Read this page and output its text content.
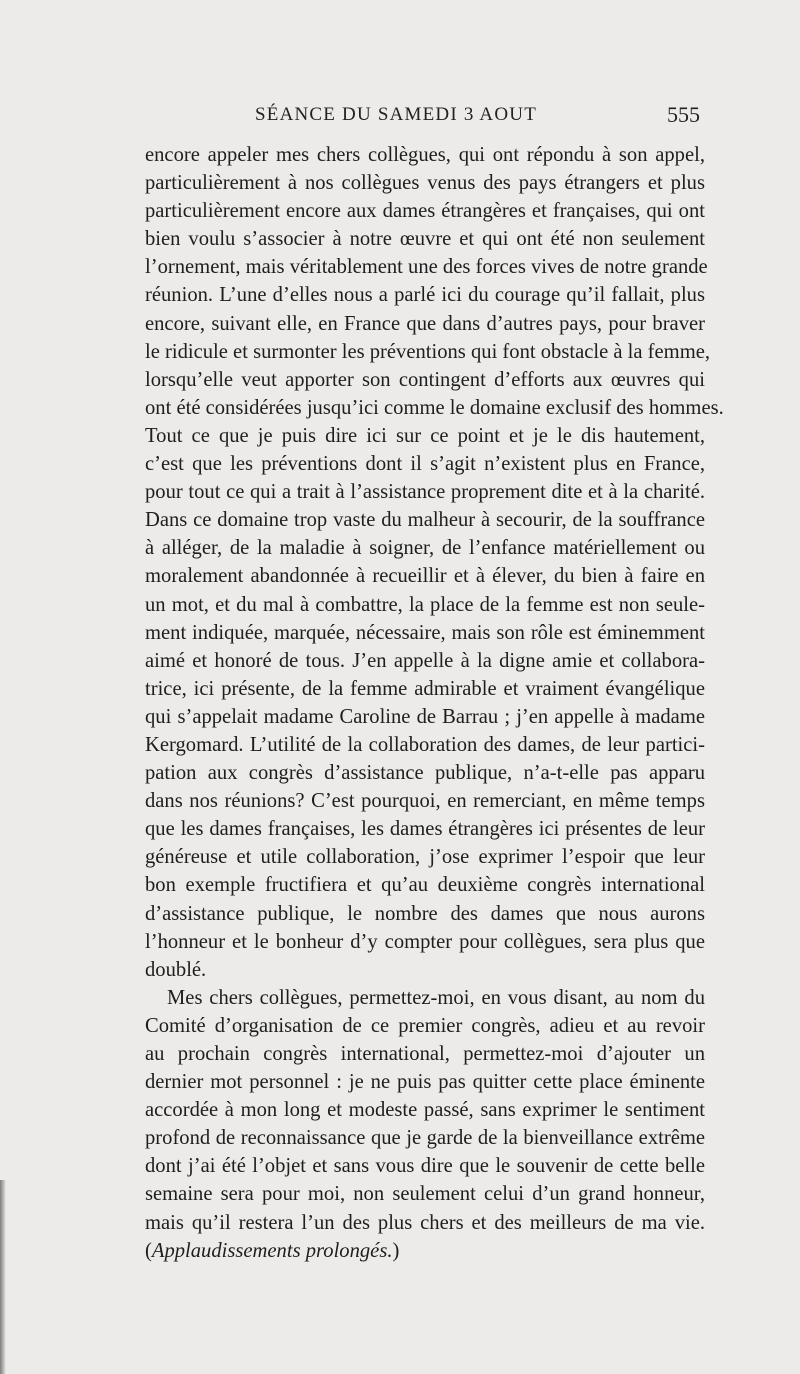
SÉANCE DU SAMEDI 3 AOUT	555
encore appeler mes chers collègues, qui ont répondu à son appel,
particulièrement à nos collègues venus des pays étrangers et plus
particulièrement encore aux dames étrangères et françaises, qui ont
bien voulu s’associer à notre œuvre et qui ont été non seulement
l’ornement, mais véritablement une des forces vives de notre grande
réunion. L’une d’elles nous a parlé ici du courage qu’il fallait, plus
encore, suivant elle, en France que dans d’autres pays, pour braver
le ridicule et surmonter les préventions qui font obstacle à la femme,
lorsqu’elle veut apporter son contingent d’efforts aux œuvres qui
ont été considérées jusqu’ici comme le domaine exclusif des hommes.
Tout ce que je puis dire ici sur ce point et je le dis hautement,
c’est que les préventions dont il s’agit n’existent plus en France,
pour tout ce qui a trait à l’assistance proprement dite et à la charité.
Dans ce domaine trop vaste du malheur à secourir, de la souffrance
à alléger, de la maladie à soigner, de l’enfance matériellement ou
moralement abandonnée à recueillir et à élever, du bien à faire en
un mot, et du mal à combattre, la place de la femme est non seule-
ment indiquée, marquée, nécessaire, mais son rôle est éminemment
aimé et honoré de tous. J’en appelle à la digne amie et collabora-
trice, ici présente, de la femme admirable et vraiment évangélique
qui s’appelait madame Caroline de Barrau ; j’en appelle à madame
Kergomard. L’utilité de la collaboration des dames, de leur partici-
pation aux congrès d’assistance publique, n’a-t-elle pas apparu
dans nos réunions? C’est pourquoi, en remerciant, en même temps
que les dames françaises, les dames étrangères ici présentes de leur
généreuse et utile collaboration, j’ose exprimer l’espoir que leur
bon exemple fructifiera et qu’au deuxième congrès international
d’assistance publique, le nombre des dames que nous aurons
l’honneur et le bonheur d’y compter pour collègues, sera plus que
doublé.
Mes chers collègues, permettez-moi, en vous disant, au nom du
Comité d’organisation de ce premier congrès, adieu et au revoir
au prochain congrès international, permettez-moi d’ajouter un
dernier mot personnel : je ne puis pas quitter cette place éminente
accordée à mon long et modeste passé, sans exprimer le sentiment
profond de reconnaissance que je garde de la bienveillance extrême
dont j’ai été l’objet et sans vous dire que le souvenir de cette belle
semaine sera pour moi, non seulement celui d’un grand honneur,
mais qu’il restera l’un des plus chers et des meilleurs de ma vie.
(Applaudissements prolongés.)
